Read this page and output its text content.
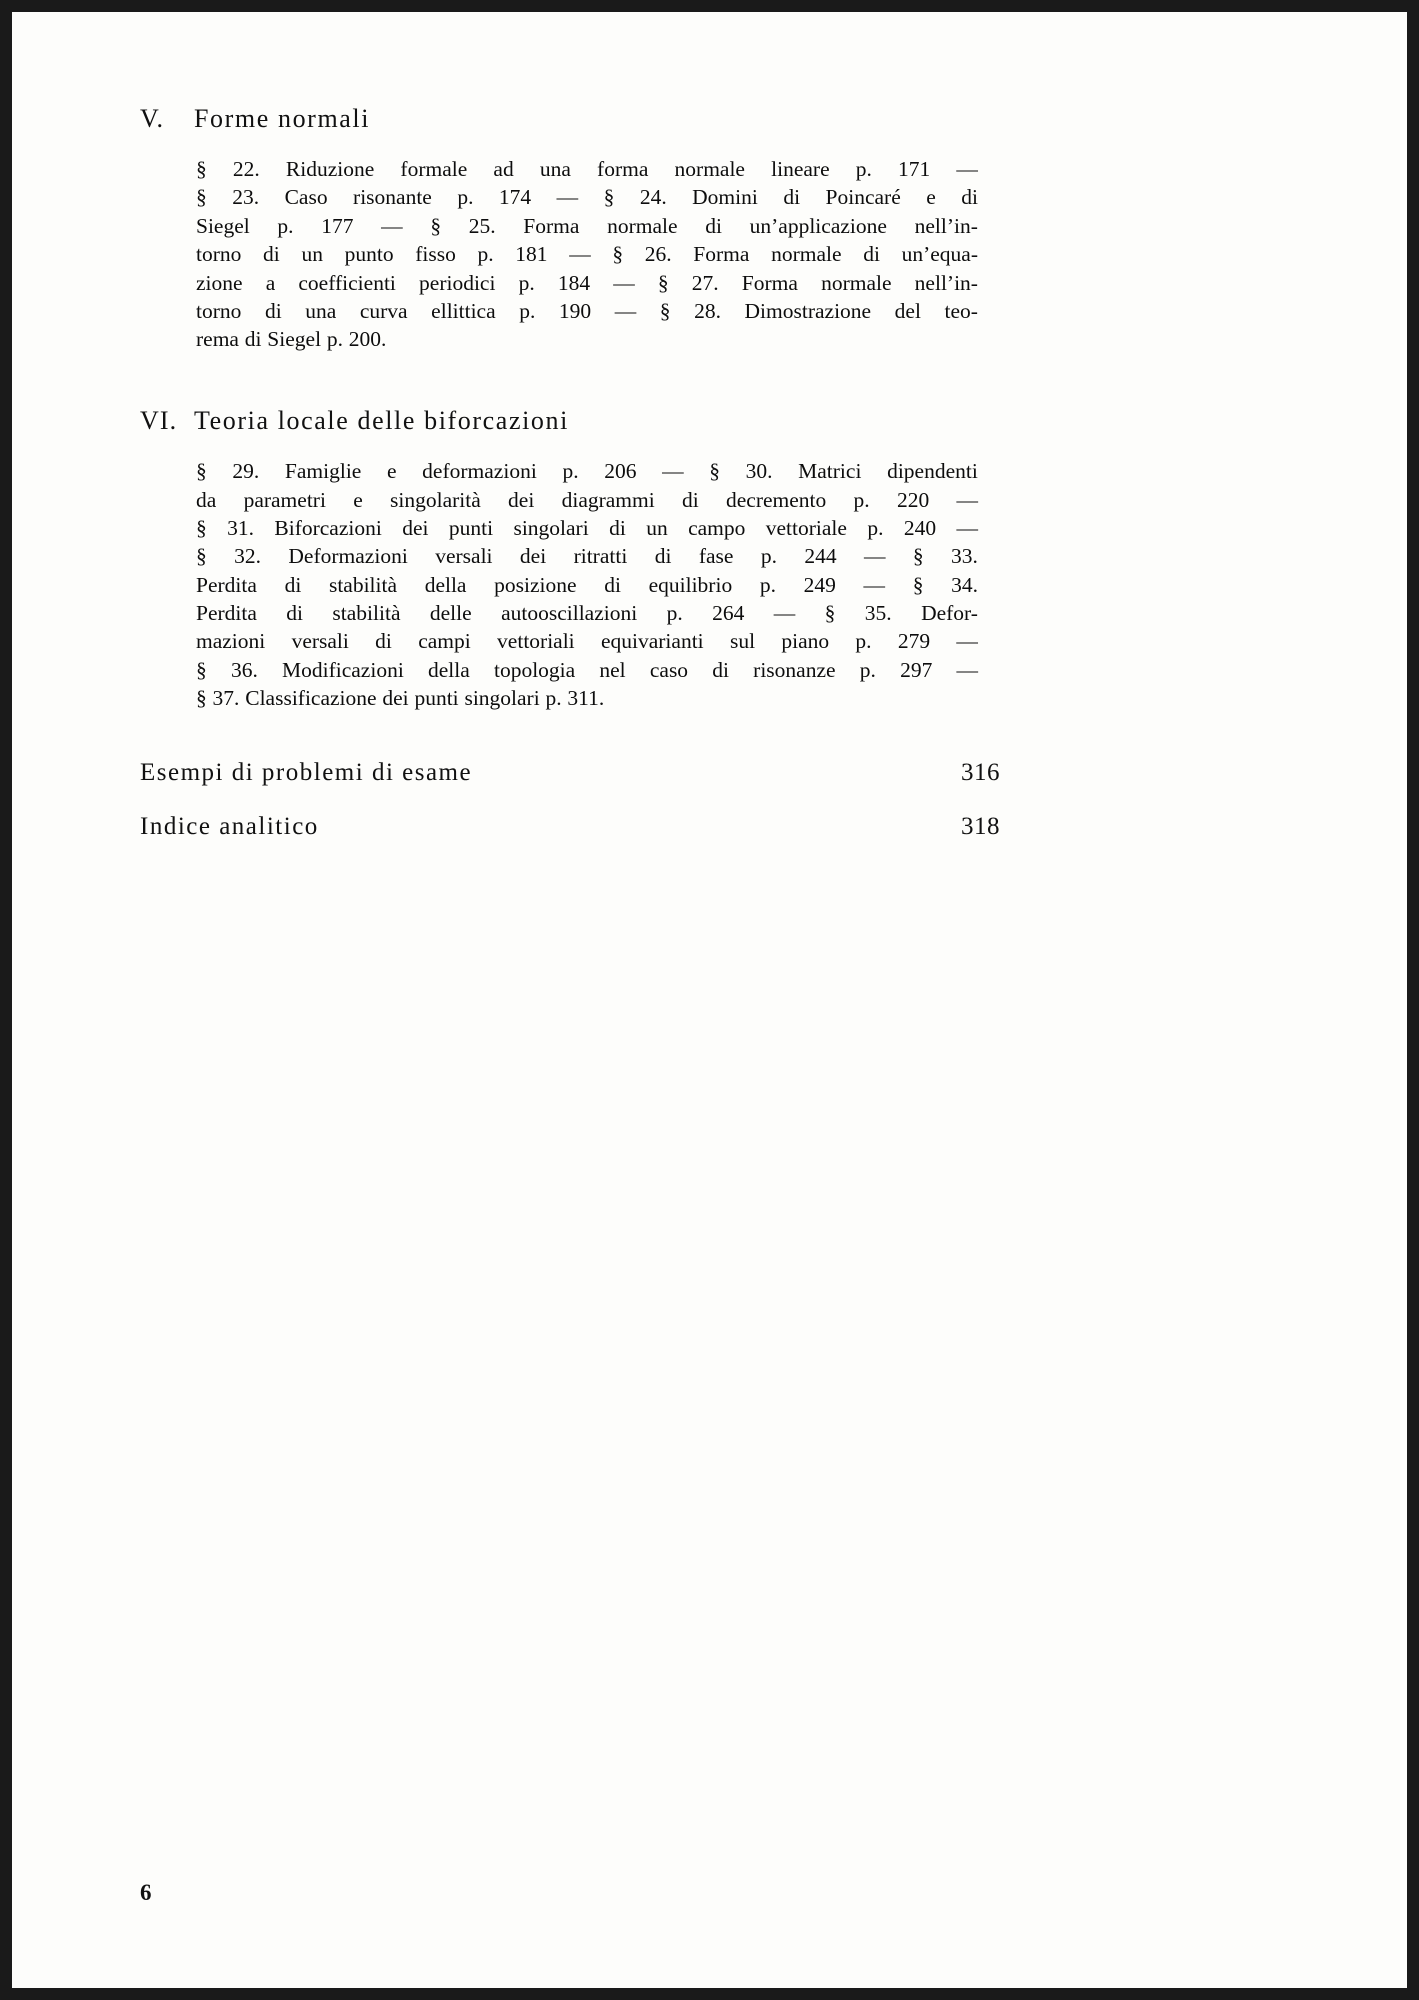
V. Forme normali

§ 22. Riduzione formale ad una forma normale lineare p. 171 —
§ 23. Caso risonante p. 174 — § 24. Domini di Poincaré e di
Siegel p. 177 — § 25. Forma normale di un’applicazione nell’in-
torno di un punto fisso p. 181 — § 26. Forma normale di un’equa-
zione a coefficienti periodici p. 184 — § 27. Forma normale nell’in-
torno di una curva ellittica p. 190 — § 28. Dimostrazione del teo-
rema di Siegel p. 200.

VI. Teoria locale delle biforcazioni

§ 29. Famiglie e deformazioni p. 206 — § 30. Matrici dipendenti
da parametri e singolarità dei diagrammi di decremento p. 220 —
§ 31. Biforcazioni dei punti singolari di un campo vettoriale p. 240 —
§ 32. Deformazioni versali dei ritratti di fase p. 244 — § 33.
Perdita di stabilità della posizione di equilibrio p. 249 — § 34.
Perdita di stabilità delle autooscillazioni p. 264 — § 35. Defor-
mazioni versali di campi vettoriali equivarianti sul piano p. 279 —
§ 36. Modificazioni della topologia nel caso di risonanze p. 297 —
§ 37. Classificazione dei punti singolari p. 311.

Esempi di problemi di esame	316
Indice analitico	318
6
